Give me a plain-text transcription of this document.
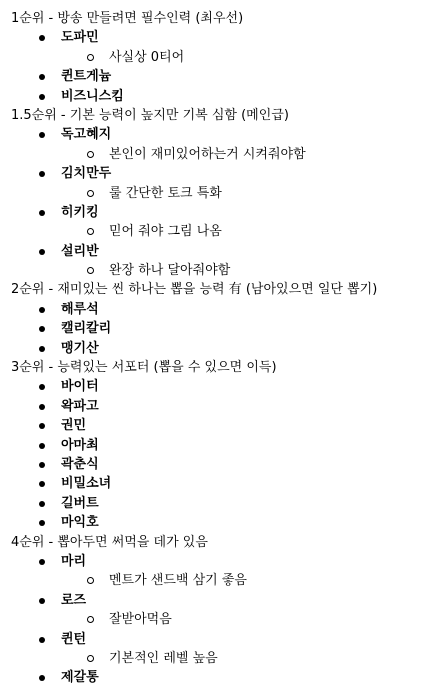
1순위 - 방송 만들려면 필수인력 (최우선)
도파민
사실상 0티어
퀸트게늄
비즈니스킴
1.5순위 - 기본 능력이 높지만 기복 심함 (메인급)
독고혜지
본인이 재미있어하는거 시켜줘야함
김치만두
룰 간단한 토크 특화
히키킹
믿어 줘야 그림 나옴
설리반
완장 하나 달아줘야함
2순위 - 재미있는 씬 하나는 뽑을 능력 有 (남아있으면 일단 뽑기)
해루석
캘리칼리
맹기산
3순위 - 능력있는 서포터 (뽑을 수 있으면 이득)
바이터
왁파고
권민
아마최
곽춘식
비밀소녀
길버트
마익호
4순위 - 뽑아두면 써먹을 데가 있음
마리
멘트가 샌드백 삼기 좋음
로즈
잘받아먹음
퀸턴
기본적인 레벨 높음
제갈통
